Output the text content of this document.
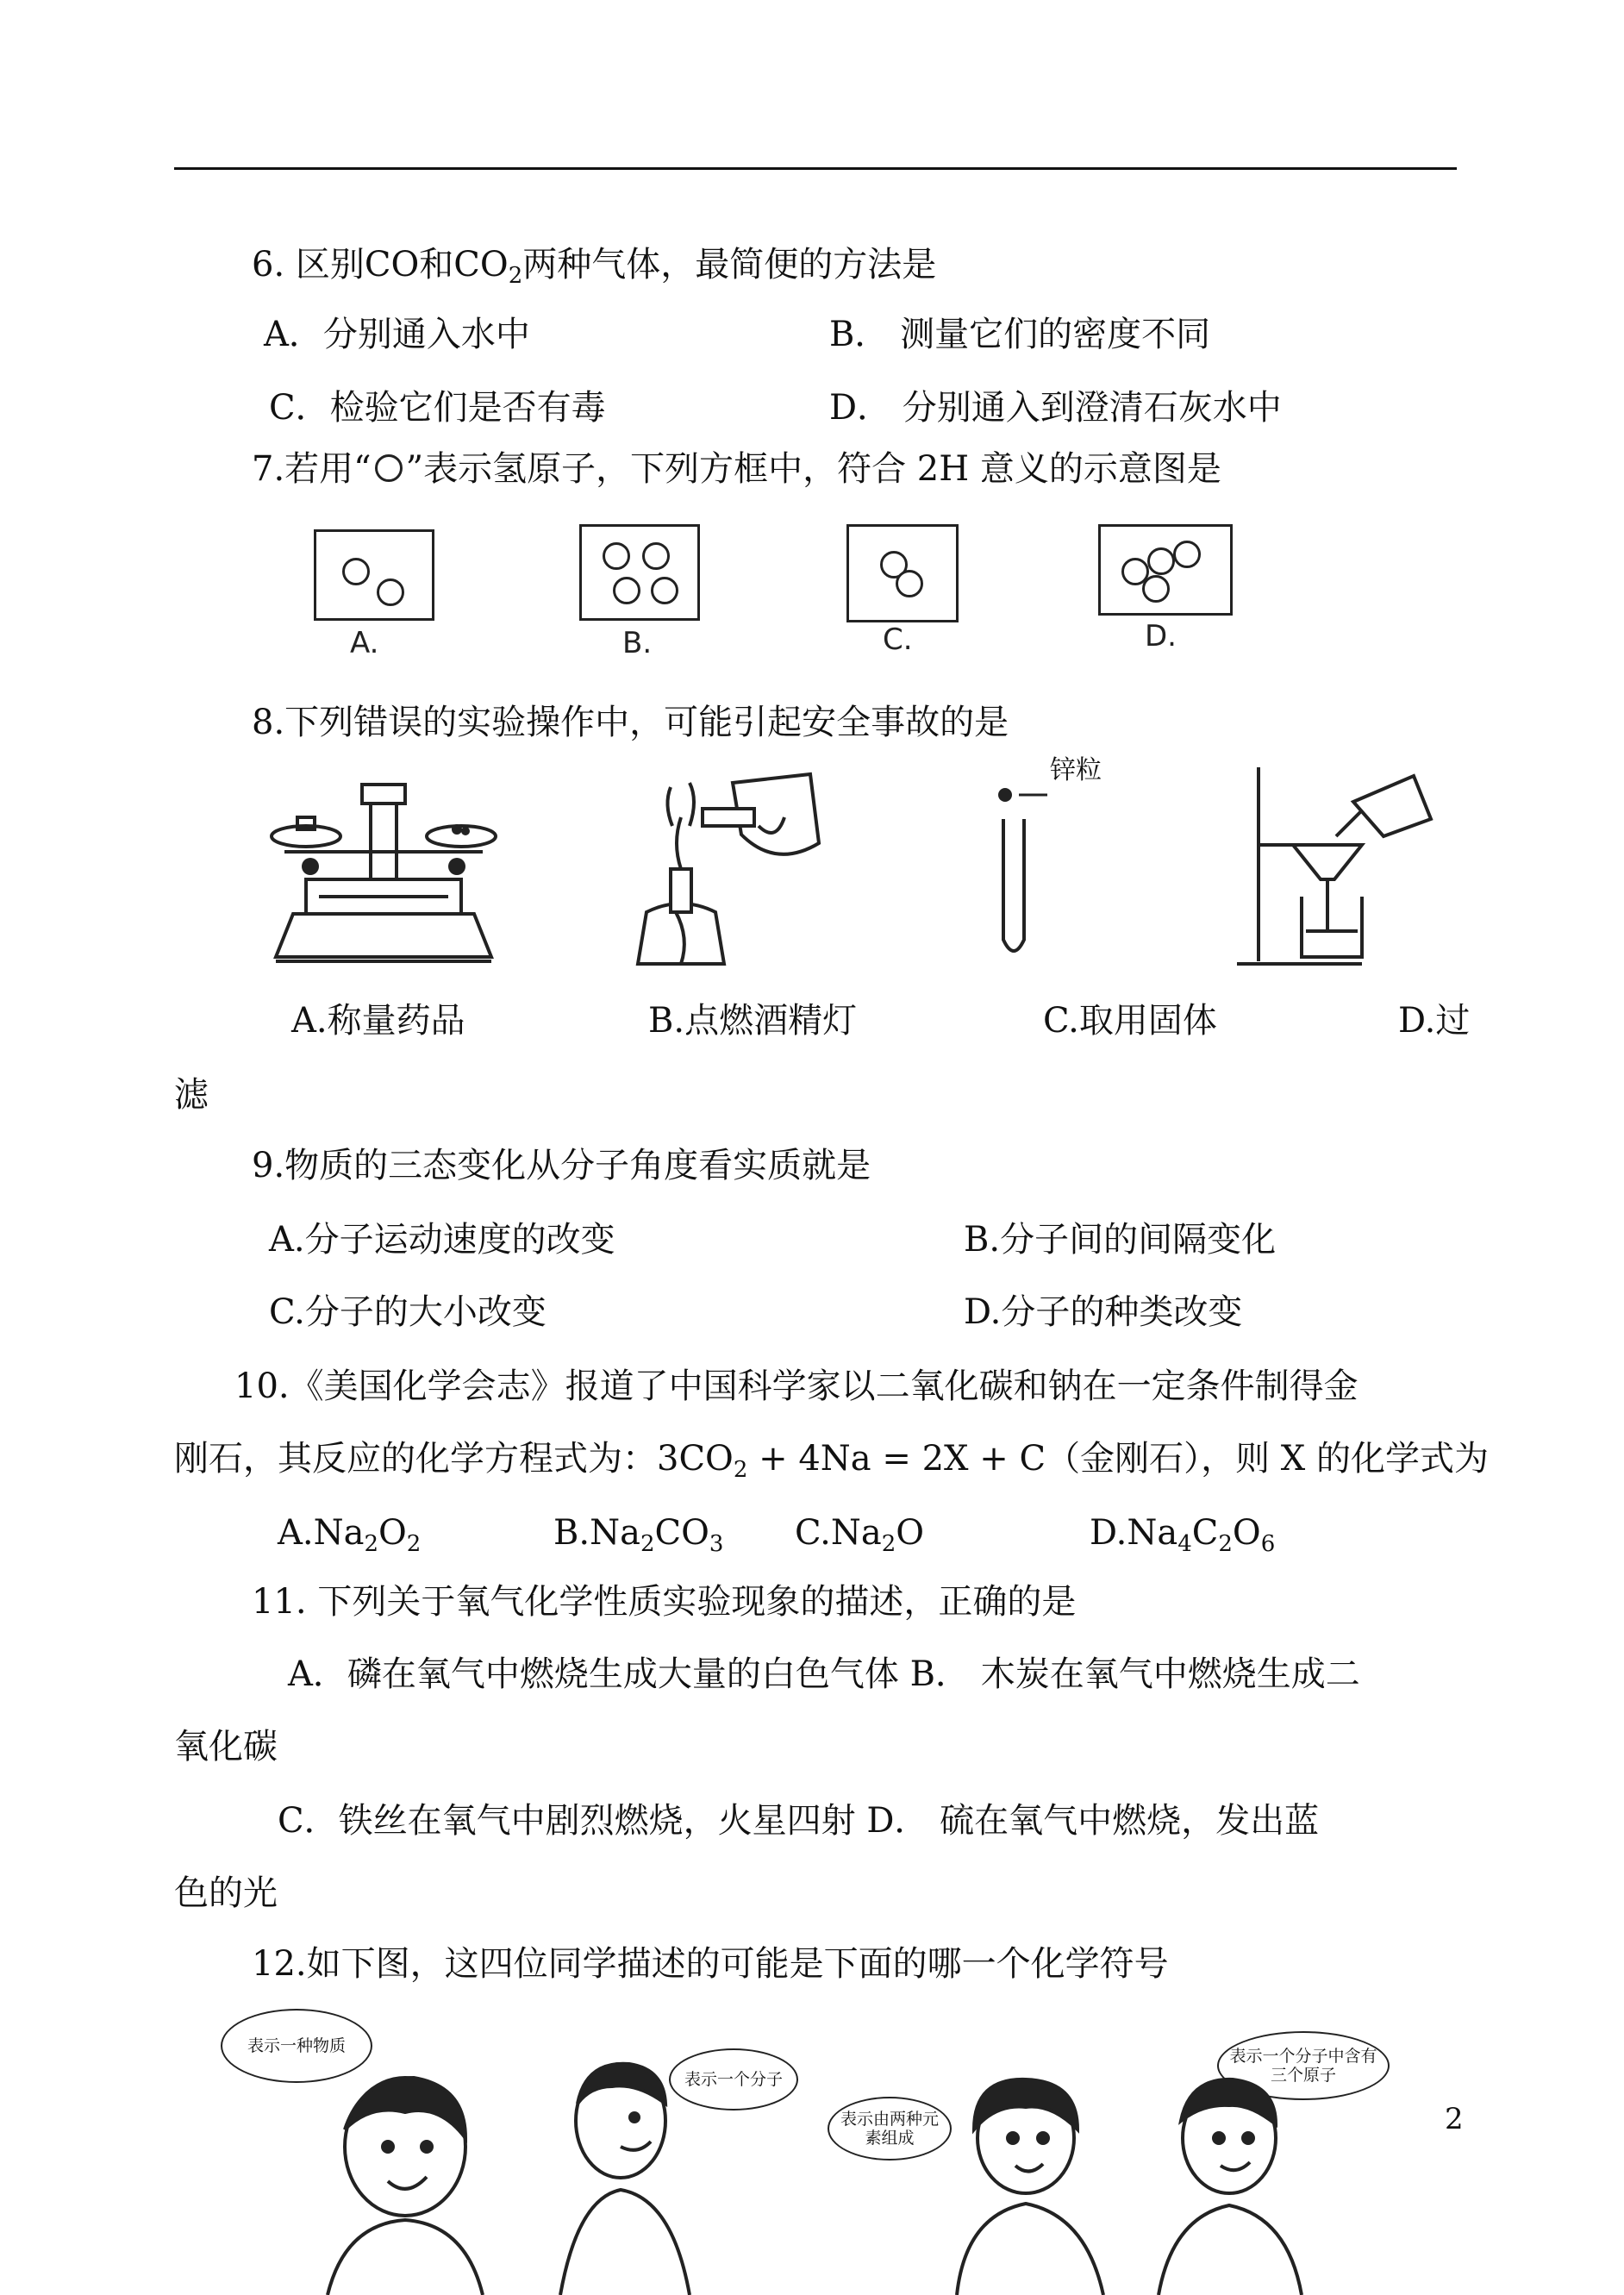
6. 区别CO和$CO_2$两种气体，最简便的方法是
A．分别通入水中	B． 测量它们的密度不同
C．检验它们是否有毒	D． 分别通入到澄清石灰水中
7.若用“ ”表示氢原子，下列方框中，符合 2H 意义的示意图是
A.	B.	C.	D.
8.下列错误的实验操作中，可能引起安全事故的是
锌粒
A.称量药品	B.点燃酒精灯	C.取用固体	D.过
滤
9.物质的三态变化从分子角度看实质就是
A.分子运动速度的改变	B.分子间的间隔变化
C.分子的大小改变	D.分子的种类改变
10.《美国化学会志》报道了中国科学家以二氧化碳和钠在一定条件制得金
刚石，其反应的化学方程式为：$3CO_2 + 4Na = 2X + C$（金刚石），则 X 的化学式为
$A.Na_2O_2$	$B.Na_2CO_3$ $C.Na_2O$	$D.Na_4C_2O_6$
11. 下列关于氧气化学性质实验现象的描述，正确的是
A．磷在氧气中燃烧生成大量的白色气体 B． 木炭在氧气中燃烧生成二
氧化碳
C．铁丝在氧气中剧烈燃烧，火星四射 D． 硫在氧气中燃烧，发出蓝
色的光
12.如下图，这四位同学描述的可能是下面的哪一个化学符号
表示一种物质
表示一个分子
表示由两种元素组成
表示一个分子中含有三个原子
2
